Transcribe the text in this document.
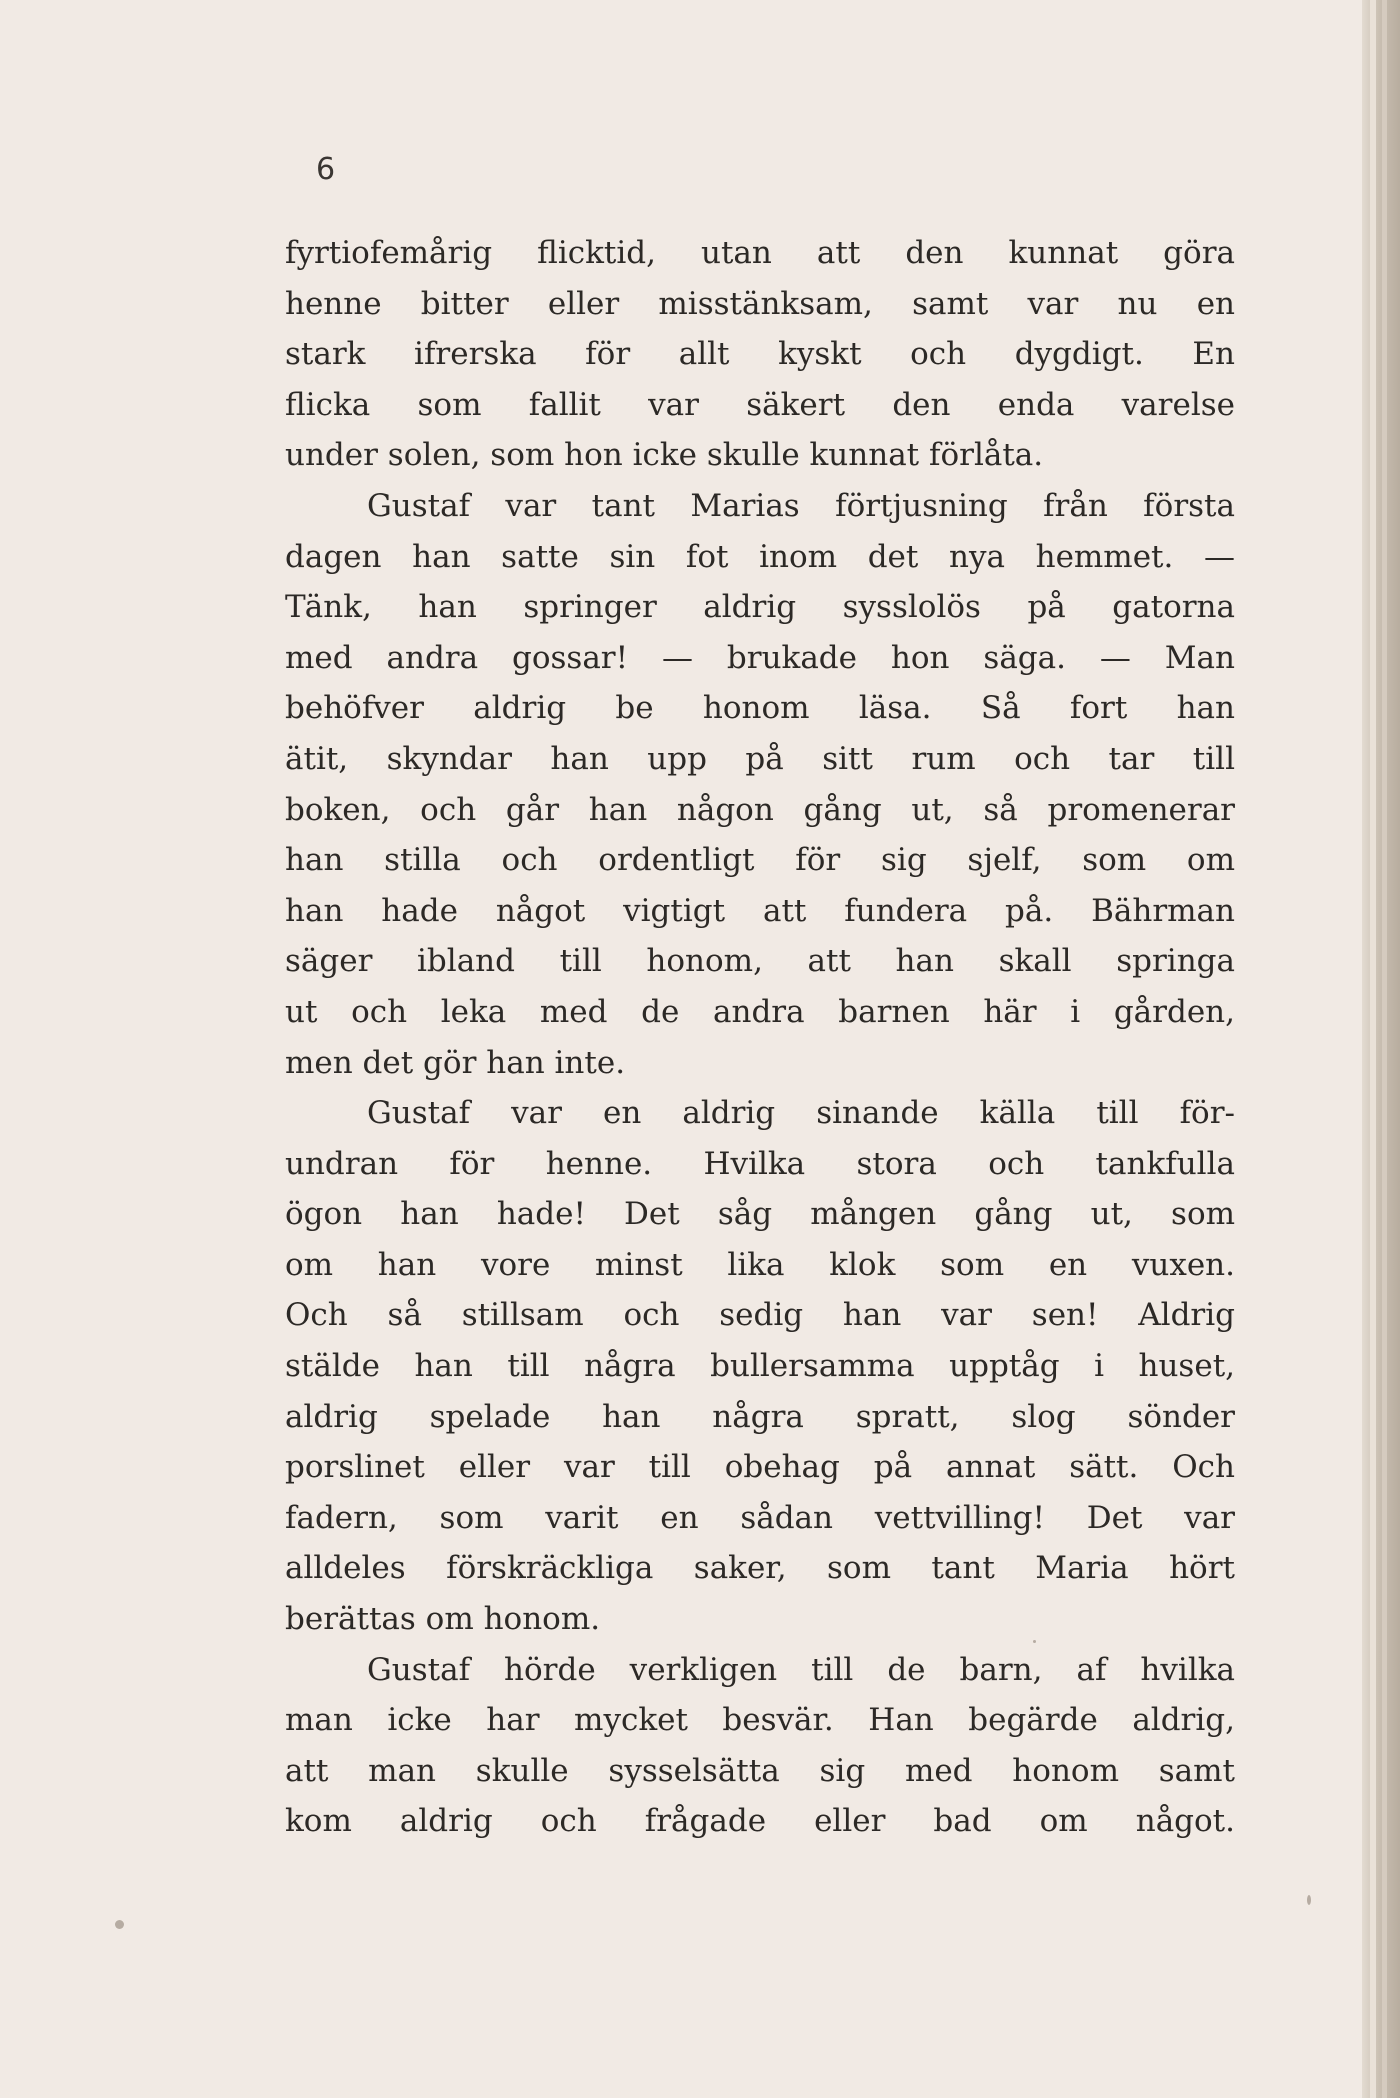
6
fyrtiofemårig flicktid, utan att den kunnat göra
henne bitter eller misstänksam, samt var nu en
stark ifrerska för allt kyskt och dygdigt. En
flicka som fallit var säkert den enda varelse
under solen, som hon icke skulle kunnat förlåta.
Gustaf var tant Marias förtjusning från första
dagen han satte sin fot inom det nya hemmet. —
Tänk, han springer aldrig sysslolös på gatorna
med andra gossar! — brukade hon säga. — Man
behöfver aldrig be honom läsa. Så fort han
ätit, skyndar han upp på sitt rum och tar till
boken, och går han någon gång ut, så promenerar
han stilla och ordentligt för sig sjelf, som om
han hade något vigtigt att fundera på. Bährman
säger ibland till honom, att han skall springa
ut och leka med de andra barnen här i gården,
men det gör han inte.
Gustaf var en aldrig sinande källa till för-
undran för henne. Hvilka stora och tankfulla
ögon han hade! Det såg mången gång ut, som
om han vore minst lika klok som en vuxen.
Och så stillsam och sedig han var sen! Aldrig
stälde han till några bullersamma upptåg i huset,
aldrig spelade han några spratt, slog sönder
porslinet eller var till obehag på annat sätt. Och
fadern, som varit en sådan vettvilling! Det var
alldeles förskräckliga saker, som tant Maria hört
berättas om honom.
Gustaf hörde verkligen till de barn, af hvilka
man icke har mycket besvär. Han begärde aldrig,
att man skulle sysselsätta sig med honom samt
kom aldrig och frågade eller bad om något.
